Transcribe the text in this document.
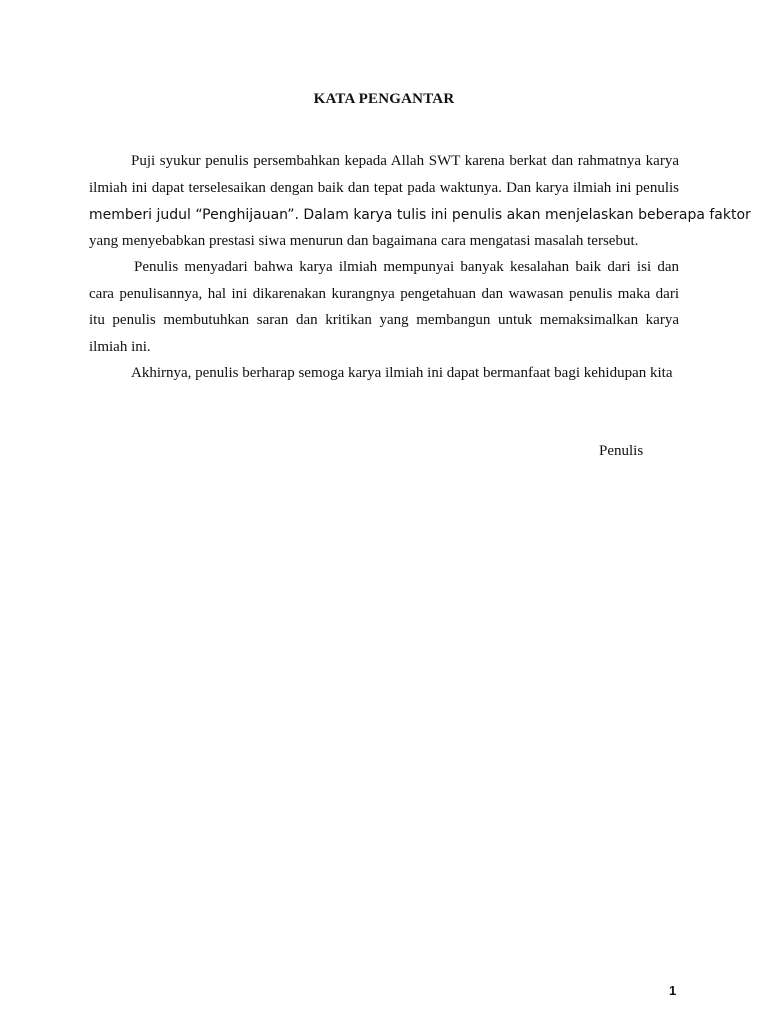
KATA PENGANTAR
Puji syukur penulis persembahkan kepada Allah SWT karena berkat dan rahmatnya karya
ilmiah ini dapat terselesaikan dengan baik dan tepat pada waktunya. Dan karya ilmiah ini penulis
memberi judul “Penghijauan”. Dalam karya tulis ini penulis akan menjelaskan beberapa faktor
yang menyebabkan prestasi siwa menurun dan bagaimana cara mengatasi masalah tersebut.
Penulis menyadari bahwa karya ilmiah mempunyai banyak kesalahan baik dari isi dan
cara penulisannya, hal ini dikarenakan kurangnya pengetahuan dan wawasan penulis maka dari
itu penulis membutuhkan saran dan kritikan yang membangun untuk memaksimalkan karya
ilmiah ini.
Akhirnya, penulis berharap semoga karya ilmiah ini dapat bermanfaat bagi kehidupan kita
Penulis
1
